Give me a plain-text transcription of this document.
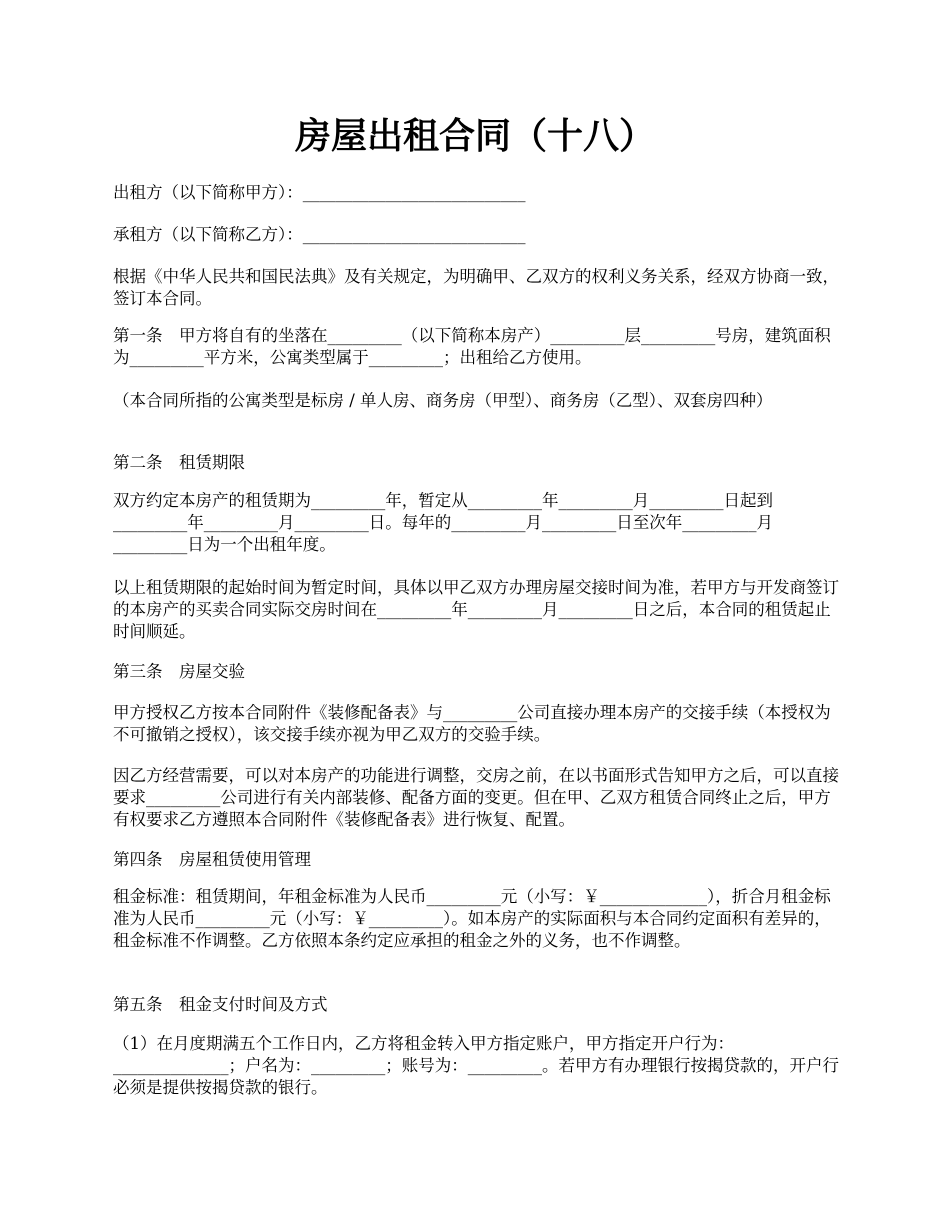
房屋出租合同（十八）

出租方（以下简称甲方）：___________________________

承租方（以下简称乙方）：___________________________

根据《中华人民共和国民法典》及有关规定，为明确甲、乙双方的权利义务关系，经双方协商一致，签订本合同。

第一条　甲方将自有的坐落在_________（以下简称本房产）_________层_________号房，建筑面积为_________平方米，公寓类型属于_________；出租给乙方使用。

（本合同所指的公寓类型是标房 / 单人房、商务房（甲型）、商务房（乙型）、双套房四种）

第二条　租赁期限

双方约定本房产的租赁期为_________年，暂定从_________年_________月_________日起到_________年_________月_________日。每年的_________月_________日至次年_________月_________日为一个出租年度。

以上租赁期限的起始时间为暂定时间，具体以甲乙双方办理房屋交接时间为准，若甲方与开发商签订的本房产的买卖合同实际交房时间在_________年_________月_________日之后，本合同的租赁起止时间顺延。

第三条　房屋交验

甲方授权乙方按本合同附件《装修配备表》与_________公司直接办理本房产的交接手续（本授权为不可撤销之授权），该交接手续亦视为甲乙双方的交验手续。

因乙方经营需要，可以对本房产的功能进行调整，交房之前，在以书面形式告知甲方之后，可以直接要求_________公司进行有关内部装修、配备方面的变更。但在甲、乙双方租赁合同终止之后，甲方有权要求乙方遵照本合同附件《装修配备表》进行恢复、配置。

第四条　房屋租赁使用管理

租金标准：租赁期间，年租金标准为人民币_________元（小写：￥_____________），折合月租金标准为人民币_________元（小写：￥_________）。如本房产的实际面积与本合同约定面积有差异的，租金标准不作调整。乙方依照本条约定应承担的租金之外的义务，也不作调整。

第五条　租金支付时间及方式

（1）在月度期满五个工作日内，乙方将租金转入甲方指定账户，甲方指定开户行为：______________；户名为：_________；账号为：_________。若甲方有办理银行按揭贷款的，开户行必须是提供按揭贷款的银行。
